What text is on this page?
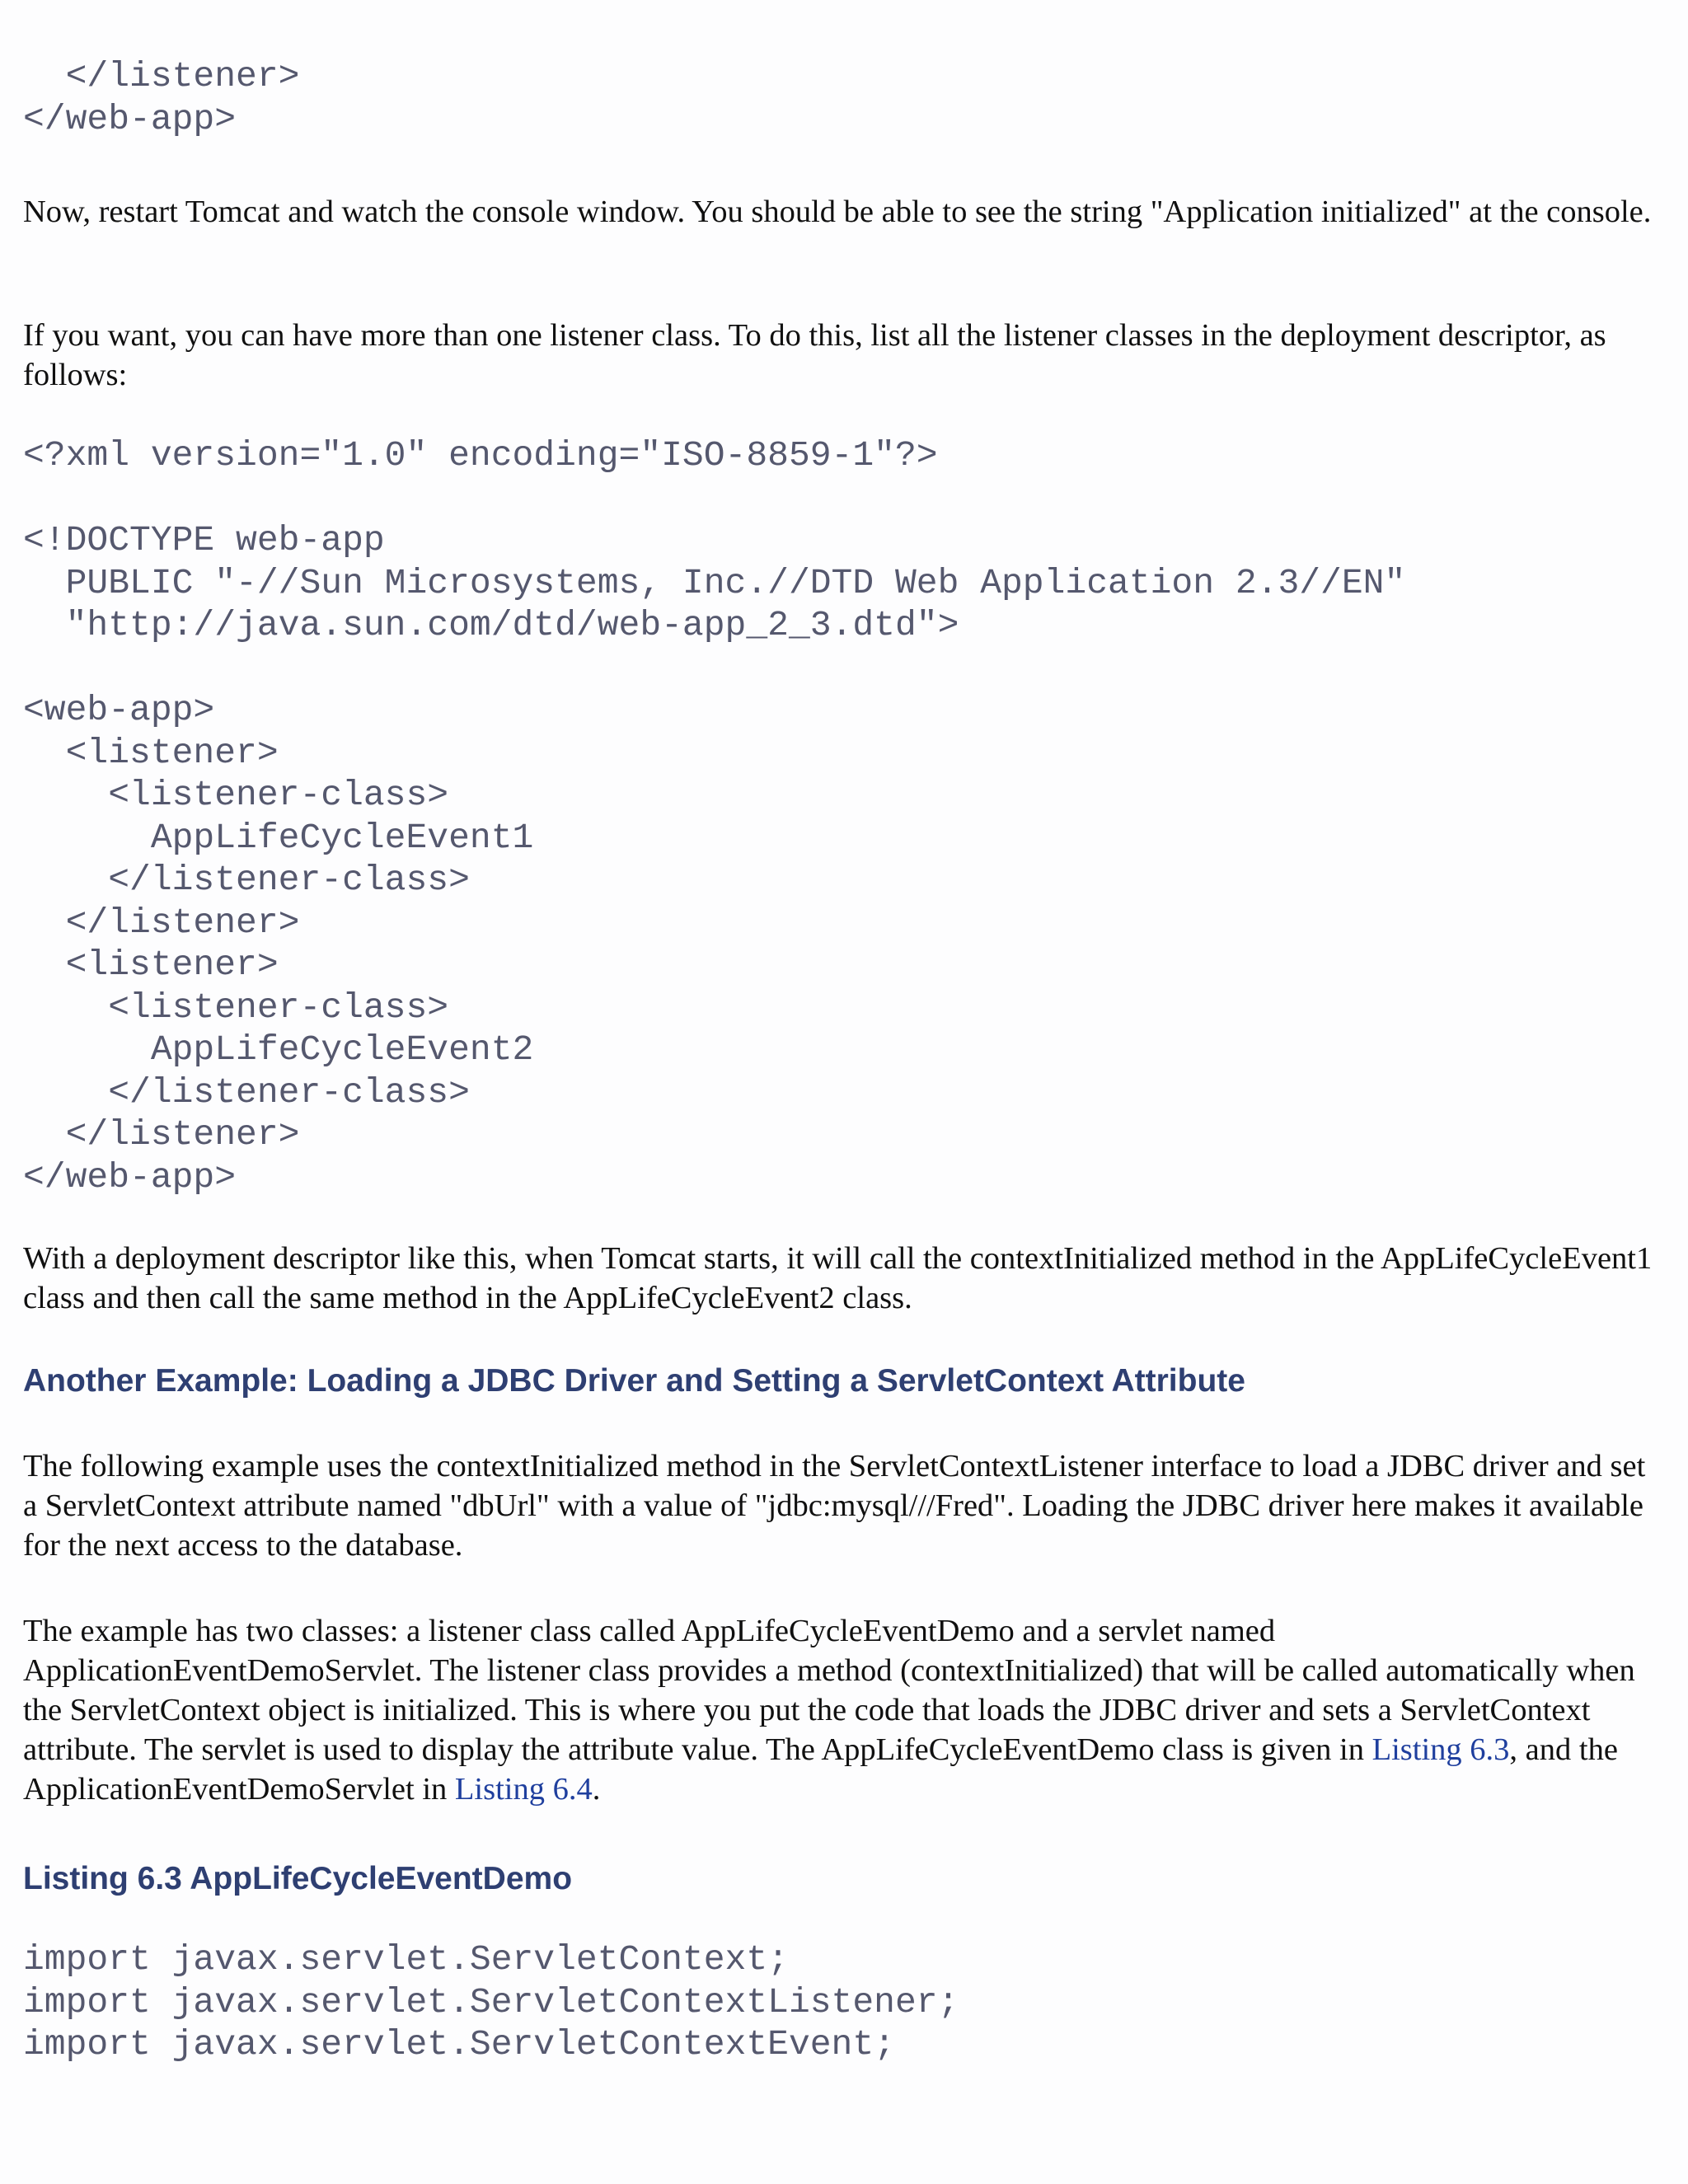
</listener>
</web-app>

Now, restart Tomcat and watch the console window. You should be able to see the string "Application initialized" at the console.

If you want, you can have more than one listener class. To do this, list all the listener classes in the deployment descriptor, as follows:

<?xml version="1.0" encoding="ISO-8859-1"?>

<!DOCTYPE web-app
PUBLIC "-//Sun Microsystems, Inc.//DTD Web Application 2.3//EN"
"http://java.sun.com/dtd/web-app_2_3.dtd">

<web-app>
<listener>
<listener-class>
AppLifeCycleEvent1
</listener-class>
</listener>
<listener>
<listener-class>
AppLifeCycleEvent2
</listener-class>
</listener>
</web-app>

With a deployment descriptor like this, when Tomcat starts, it will call the contextInitialized method in the AppLifeCycleEvent1 class and then call the same method in the AppLifeCycleEvent2 class.

Another Example: Loading a JDBC Driver and Setting a ServletContext Attribute

The following example uses the contextInitialized method in the ServletContextListener interface to load a JDBC driver and set a ServletContext attribute named "dbUrl" with a value of "jdbc:mysql///Fred". Loading the JDBC driver here makes it available for the next access to the database.

The example has two classes: a listener class called AppLifeCycleEventDemo and a servlet named ApplicationEventDemoServlet. The listener class provides a method (contextInitialized) that will be called automatically when the ServletContext object is initialized. This is where you put the code that loads the JDBC driver and sets a ServletContext attribute. The servlet is used to display the attribute value. The AppLifeCycleEventDemo class is given in Listing 6.3, and the ApplicationEventDemoServlet in Listing 6.4.

Listing 6.3 AppLifeCycleEventDemo
import javax.servlet.ServletContext;
import javax.servlet.ServletContextListener;
import javax.servlet.ServletContextEvent;
